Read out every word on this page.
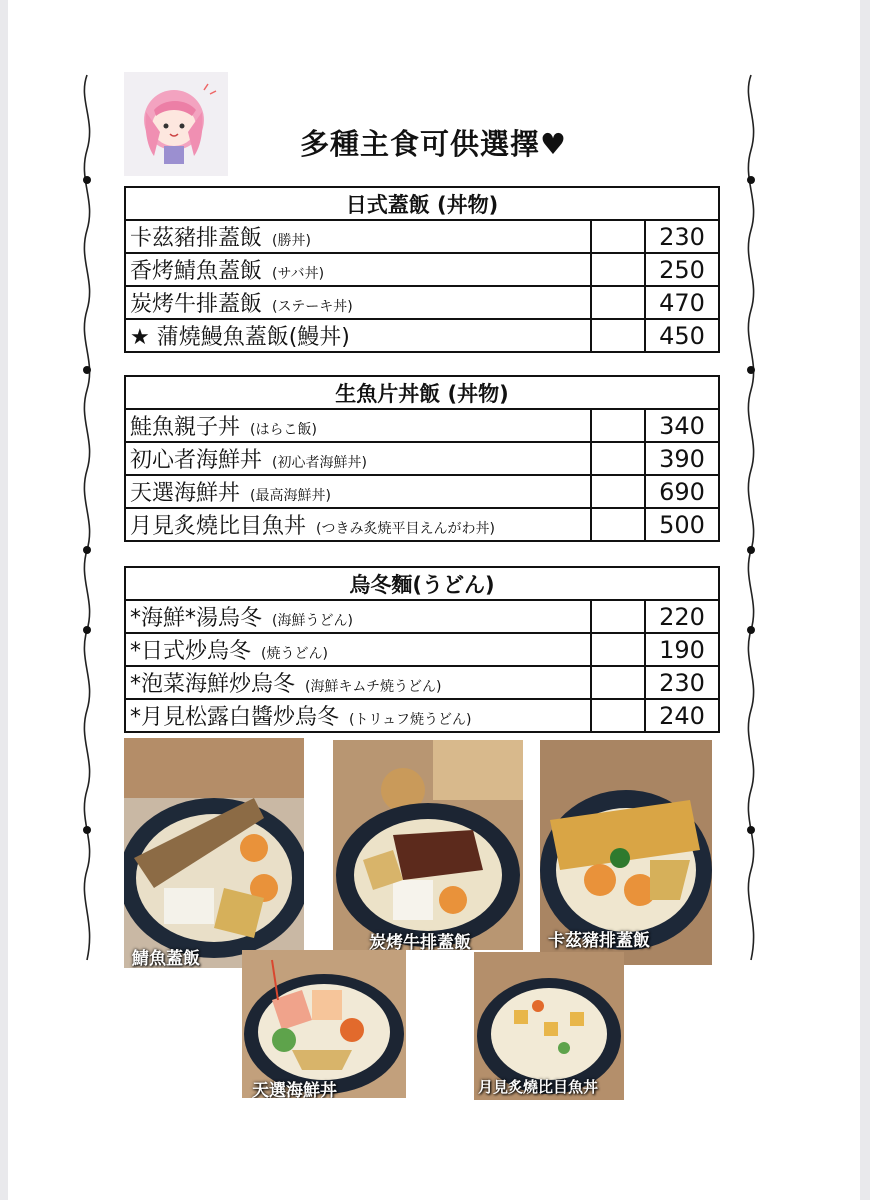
多種主食可供選擇♥
日式蓋飯 (丼物)		
卡茲豬排蓋飯 (勝丼)		230
香烤鯖魚蓋飯 (サバ丼)		250
炭烤牛排蓋飯 (ステーキ丼)		470
★ 蒲燒鰻魚蓋飯(鰻丼)		450
生魚片丼飯 (丼物)		
鮭魚親子丼 (はらこ飯)		340
初心者海鮮丼 (初心者海鮮丼)		390
天選海鮮丼 (最高海鮮丼)		690
月見炙燒比目魚丼 (つきみ炙焼平目えんがわ丼)		500
烏冬麵(うどん)		
*海鮮*湯烏冬 (海鮮うどん)		220
*日式炒烏冬 (焼うどん)		190
*泡菜海鮮炒烏冬 (海鮮キムチ焼うどん)		230
*月見松露白醬炒烏冬 (トリュフ焼うどん)		240
鯖魚蓋飯
炭烤牛排蓋飯	卡茲豬排蓋飯
天選海鮮丼	月見炙燒比目魚丼
